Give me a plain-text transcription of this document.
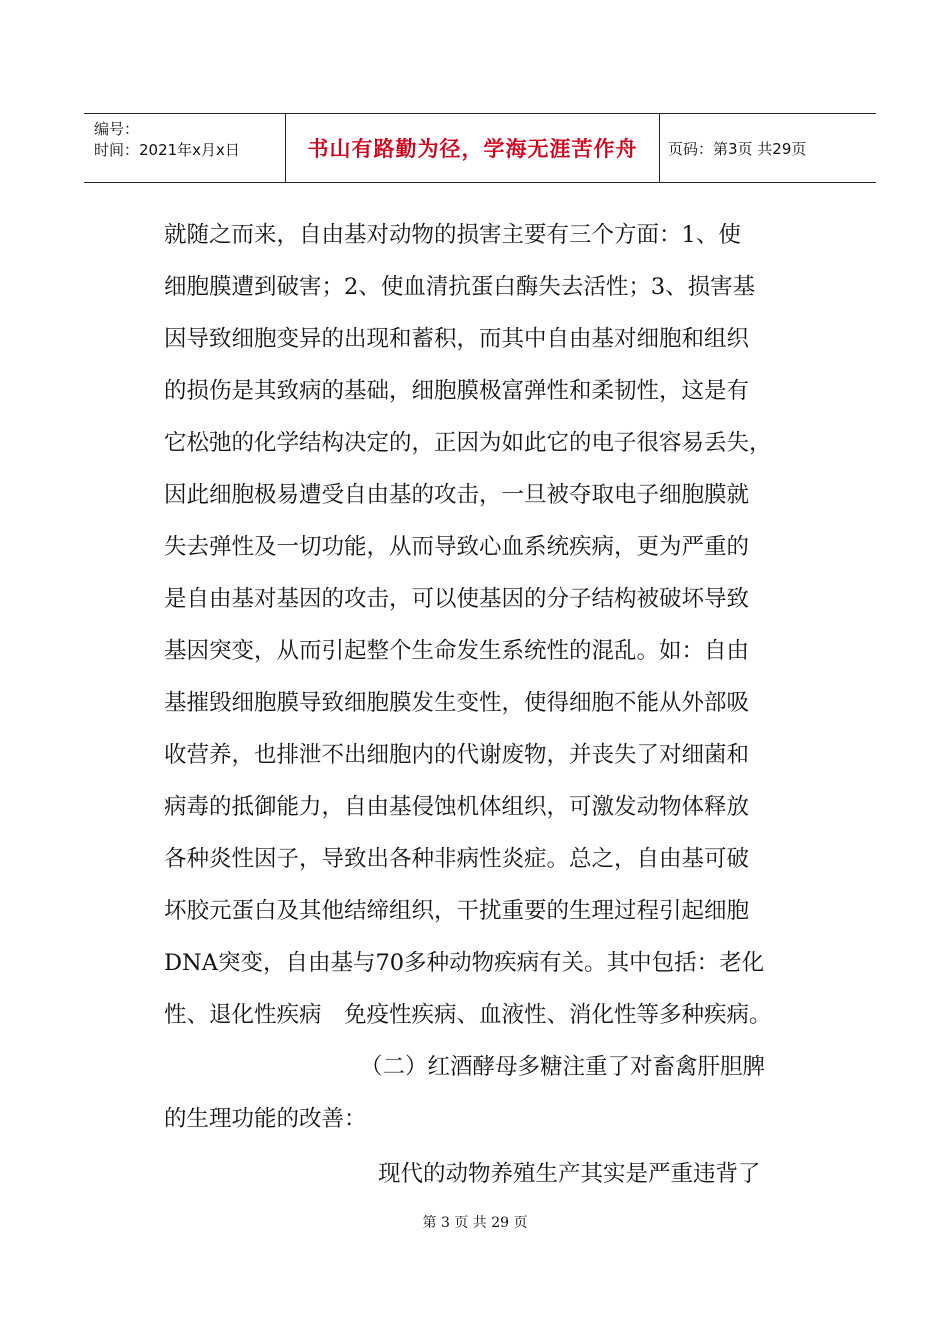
编号：
时间：2021年x月x日	书山有路勤为径，学海无涯苦作舟 页码：第3页 共29页
就随之而来，自由基对动物的损害主要有三个方面：1、使
细胞膜遭到破害；2、使血清抗蛋白酶失去活性；3、损害基
因导致细胞变异的出现和蓄积，而其中自由基对细胞和组织
的损伤是其致病的基础，细胞膜极富弹性和柔韧性，这是有
它松弛的化学结构决定的，正因为如此它的电子很容易丢失，
因此细胞极易遭受自由基的攻击，一旦被夺取电子细胞膜就
失去弹性及一切功能，从而导致心血系统疾病，更为严重的
是自由基对基因的攻击，可以使基因的分子结构被破坏导致
基因突变，从而引起整个生命发生系统性的混乱。如：自由
基摧毁细胞膜导致细胞膜发生变性，使得细胞不能从外部吸
收营养，也排泄不出细胞内的代谢废物，并丧失了对细菌和
病毒的抵御能力，自由基侵蚀机体组织，可激发动物体释放
各种炎性因子，导致出各种非病性炎症。总之，自由基可破
坏胶元蛋白及其他结缔组织，干扰重要的生理过程引起细胞
DNA突变，自由基与70多种动物疾病有关。其中包括：老化
性、退化性疾病　免疫性疾病、血液性、消化性等多种疾病。
（二）红酒酵母多糖注重了对畜禽肝胆脾
的生理功能的改善：
现代的动物养殖生产其实是严重违背了
第 3 页 共 29 页
